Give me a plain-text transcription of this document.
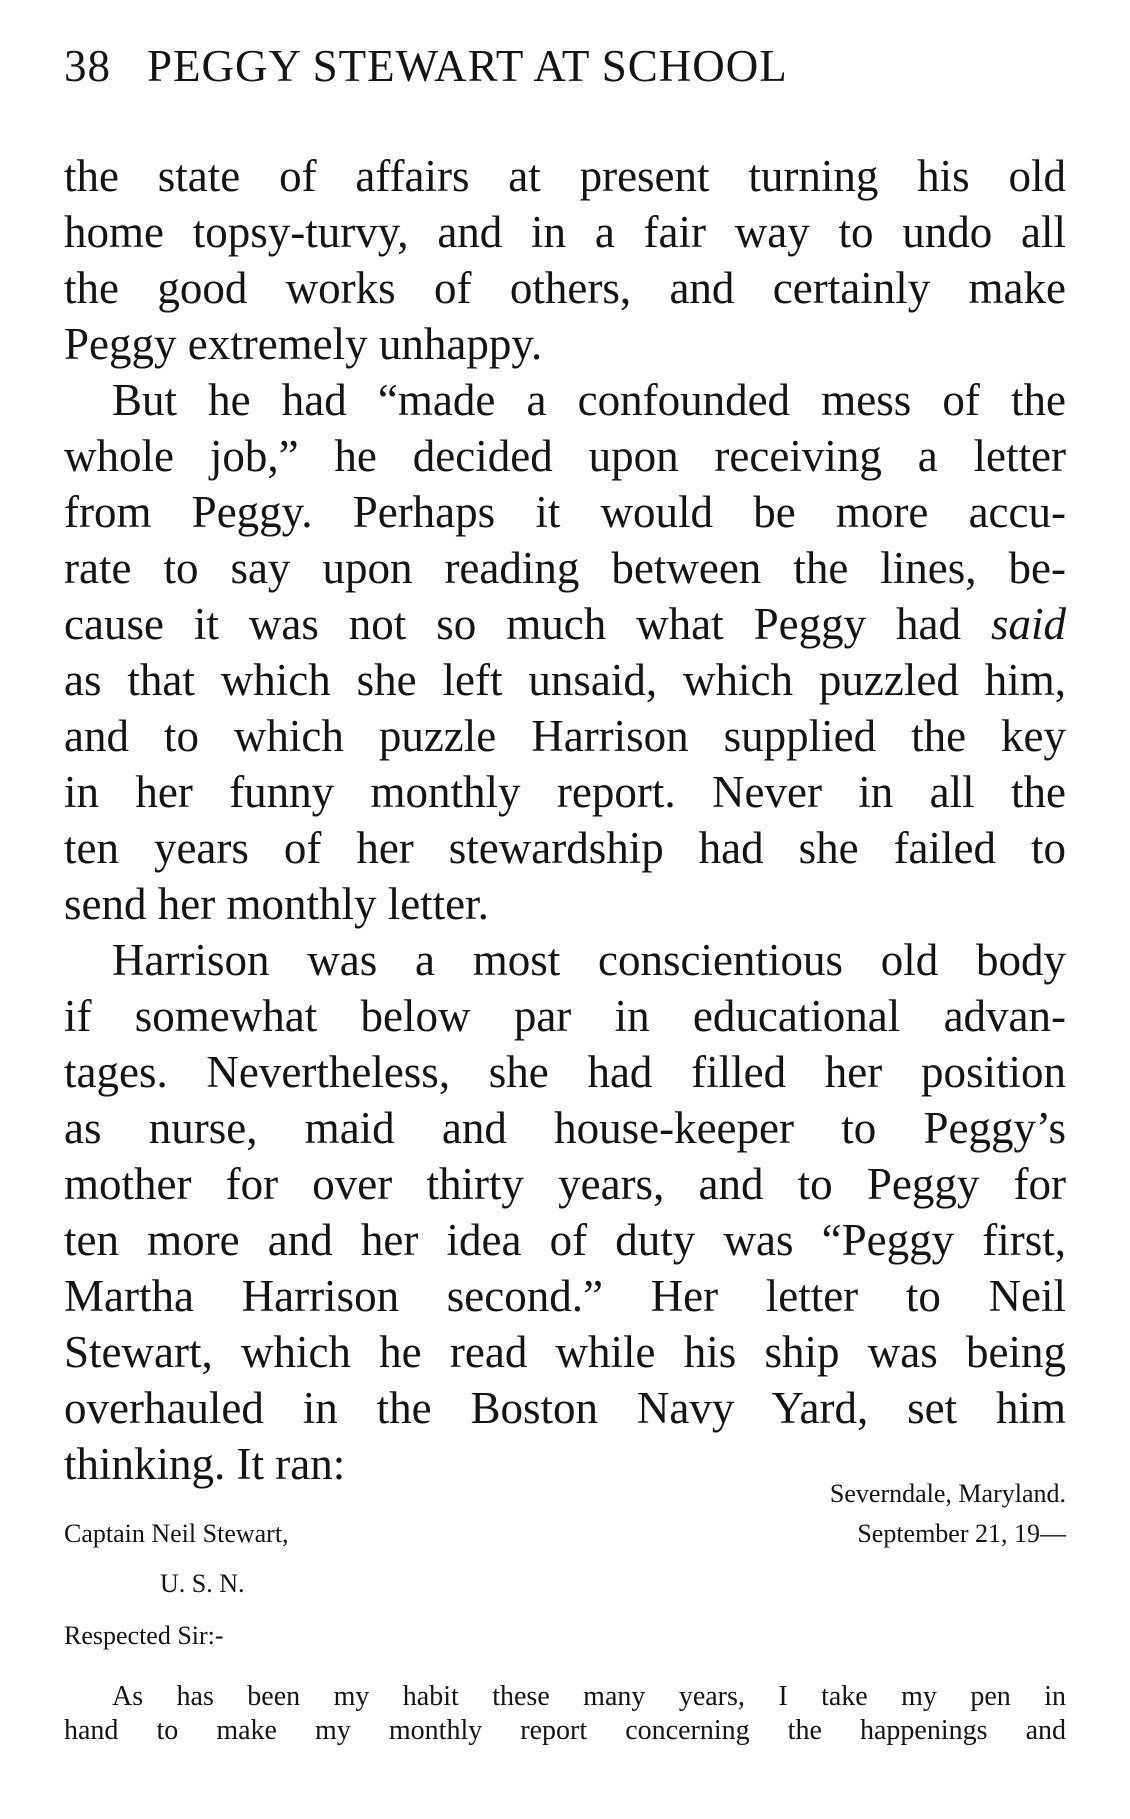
38 PEGGY STEWART AT SCHOOL
the state of affairs at present turning his old
home topsy-turvy, and in a fair way to undo all
the good works of others, and certainly make
Peggy extremely unhappy.
But he had “made a confounded mess of the
whole job,” he decided upon receiving a letter
from Peggy. Perhaps it would be more accu-
rate to say upon reading between the lines, be-
cause it was not so much what Peggy had said
as that which she left unsaid, which puzzled him,
and to which puzzle Harrison supplied the key
in her funny monthly report. Never in all the
ten years of her stewardship had she failed to
send her monthly letter.
Harrison was a most conscientious old body
if somewhat below par in educational advan-
tages. Nevertheless, she had filled her position
as nurse, maid and house-keeper to Peggy’s
mother for over thirty years, and to Peggy for
ten more and her idea of duty was “Peggy first,
Martha Harrison second.” Her letter to Neil
Stewart, which he read while his ship was being
overhauled in the Boston Navy Yard, set him
thinking. It ran:
Severndale, Maryland.
September 21, 19—
Captain Neil Stewart,
U. S. N.
Respected Sir:-
As has been my habit these many years, I take my pen in
hand to make my monthly report concerning the happenings and
